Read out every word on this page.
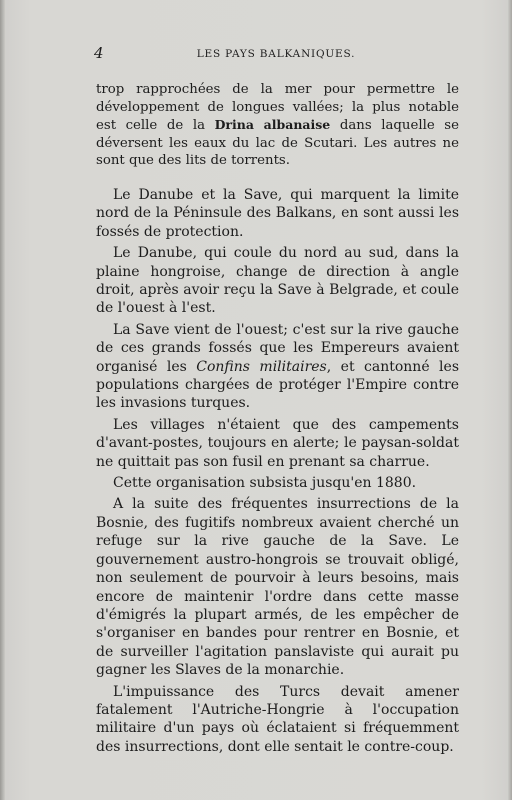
4	LES PAYS BALKANIQUES.

trop rapprochées de la mer pour permettre le développement de longues vallées; la plus notable est celle de la Drina albanaise dans laquelle se déversent les eaux du lac de Scutari. Les autres ne sont que des lits de torrents.

Le Danube et la Save, qui marquent la limite nord de la Péninsule des Balkans, en sont aussi les fossés de protection.

Le Danube, qui coule du nord au sud, dans la plaine hongroise, change de direction à angle droit, après avoir reçu la Save à Belgrade, et coule de l'ouest à l'est.

La Save vient de l'ouest; c'est sur la rive gauche de ces grands fossés que les Empereurs avaient organisé les Confins militaires, et cantonné les populations chargées de protéger l'Empire contre les invasions turques.

Les villages n'étaient que des campements d'avant-postes, toujours en alerte; le paysan-soldat ne quittait pas son fusil en prenant sa charrue.

Cette organisation subsista jusqu'en 1880.

A la suite des fréquentes insurrections de la Bosnie, des fugitifs nombreux avaient cherché un refuge sur la rive gauche de la Save. Le gouvernement austro-hongrois se trouvait obligé, non seulement de pourvoir à leurs besoins, mais encore de maintenir l'ordre dans cette masse d'émigrés la plupart armés, de les empêcher de s'organiser en bandes pour rentrer en Bosnie, et de surveiller l'agitation panslaviste qui aurait pu gagner les Slaves de la monarchie.

L'impuissance des Turcs devait amener fatalement l'Autriche-Hongrie à l'occupation militaire d'un pays où éclataient si fréquemment des insurrections, dont elle sentait le contre-coup.
